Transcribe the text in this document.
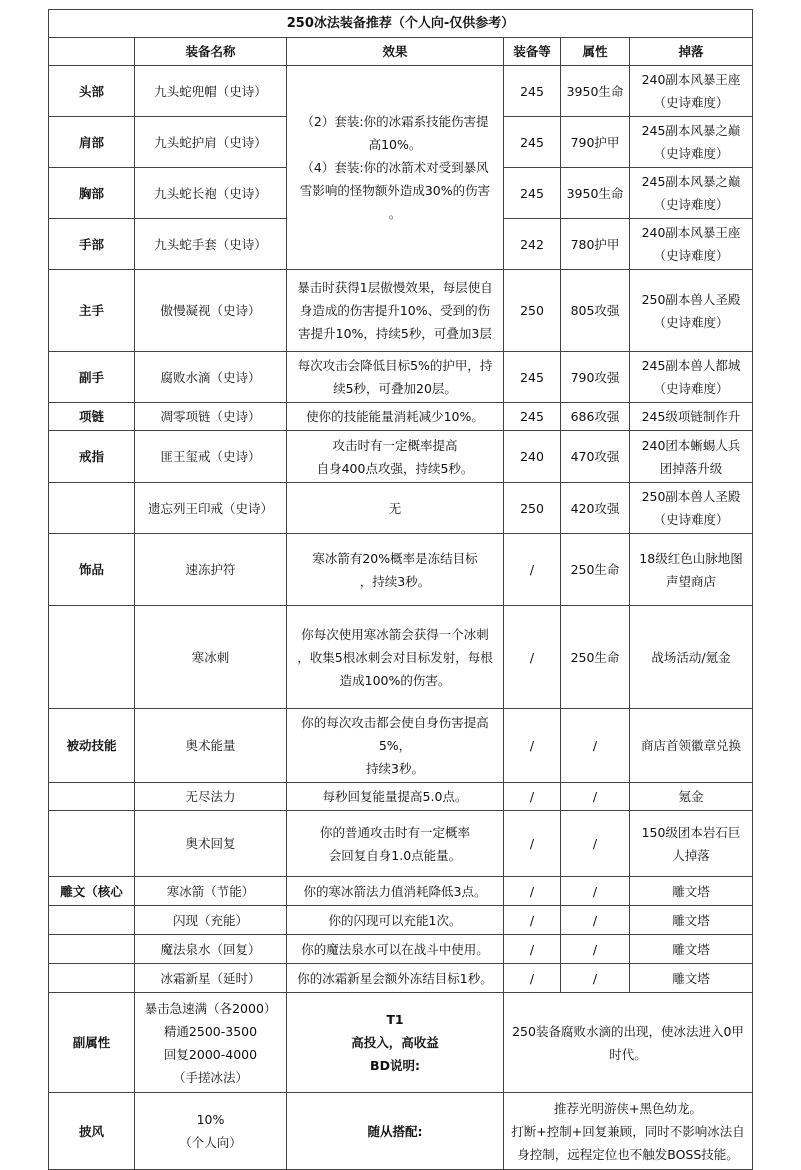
250冰法装备推荐（个人向-仅供参考）					
	装备名称	效果	装备等	属性	掉落
头部	九头蛇兜帽（史诗）	（2）套装:你的冰霜系技能伤害提
高10%。
（4）套装:你的冰箭术对受到暴风
雪影响的怪物额外造成30%的伤害
。	245	3950生命	240副本风暴王座
（史诗难度）
肩部	九头蛇护肩（史诗）		245	790护甲	245副本风暴之巅
（史诗难度）
胸部	九头蛇长袍（史诗）		245	3950生命	245副本风暴之巅
（史诗难度）
手部	九头蛇手套（史诗）		242	780护甲	240副本风暴王座
（史诗难度）
主手	傲慢凝视（史诗）	暴击时获得1层傲慢效果，每层使自
身造成的伤害提升10%、受到的伤
害提升10%，持续5秒，可叠加3层	250	805攻强	250副本兽人圣殿
（史诗难度）
副手	腐败水滴（史诗）	每次攻击会降低目标5%的护甲，持
续5秒，可叠加20层。	245	790攻强	245副本兽人都城
（史诗难度）
项链	凋零项链（史诗）	使你的技能能量消耗减少10%。	245	686攻强	245级项链制作升
戒指	匪王玺戒（史诗）	攻击时有一定概率提高
自身400点攻强，持续5秒。	240	470攻强	240团本蜥蜴人兵
团掉落升级
	遗忘列王印戒（史诗）	无	250	420攻强	250副本兽人圣殿
（史诗难度）
饰品	速冻护符	寒冰箭有20%概率是冻结目标
，持续3秒。	/	250生命	18级红色山脉地图
声望商店
	寒冰刺	你每次使用寒冰箭会获得一个冰刺
，收集5根冰刺会对目标发射，每根
造成100%的伤害。	/	250生命	战场活动/氪金
被动技能	奥术能量	你的每次攻击都会使自身伤害提高
5%，
持续3秒。	/	/	商店首领徽章兑换
	无尽法力	每秒回复能量提高5.0点。	/	/	氪金
	奥术回复	你的普通攻击时有一定概率
会回复自身1.0点能量。	/	/	150级团本岩石巨
人掉落
雕文（核心	寒冰箭（节能）	你的寒冰箭法力值消耗降低3点。	/	/	雕文塔
	闪现（充能）	你的闪现可以充能1次。	/	/	雕文塔
	魔法泉水（回复）	你的魔法泉水可以在战斗中使用。	/	/	雕文塔
	冰霜新星（延时）	你的冰霜新星会额外冻结目标1秒。	/	/	雕文塔
副属性	暴击急速满（各2000）
精通2500-3500
回复2000-4000
（手搓冰法）	T1
高投入，高收益
BD说明:	250装备腐败水滴的出现，使冰法进入0甲
时代。		
披风	10%
（个人向）	随从搭配:	推荐光明游侠+黑色幼龙。
打断+控制+回复兼顾，同时不影响冰法自
身控制，远程定位也不触发BOSS技能。		
